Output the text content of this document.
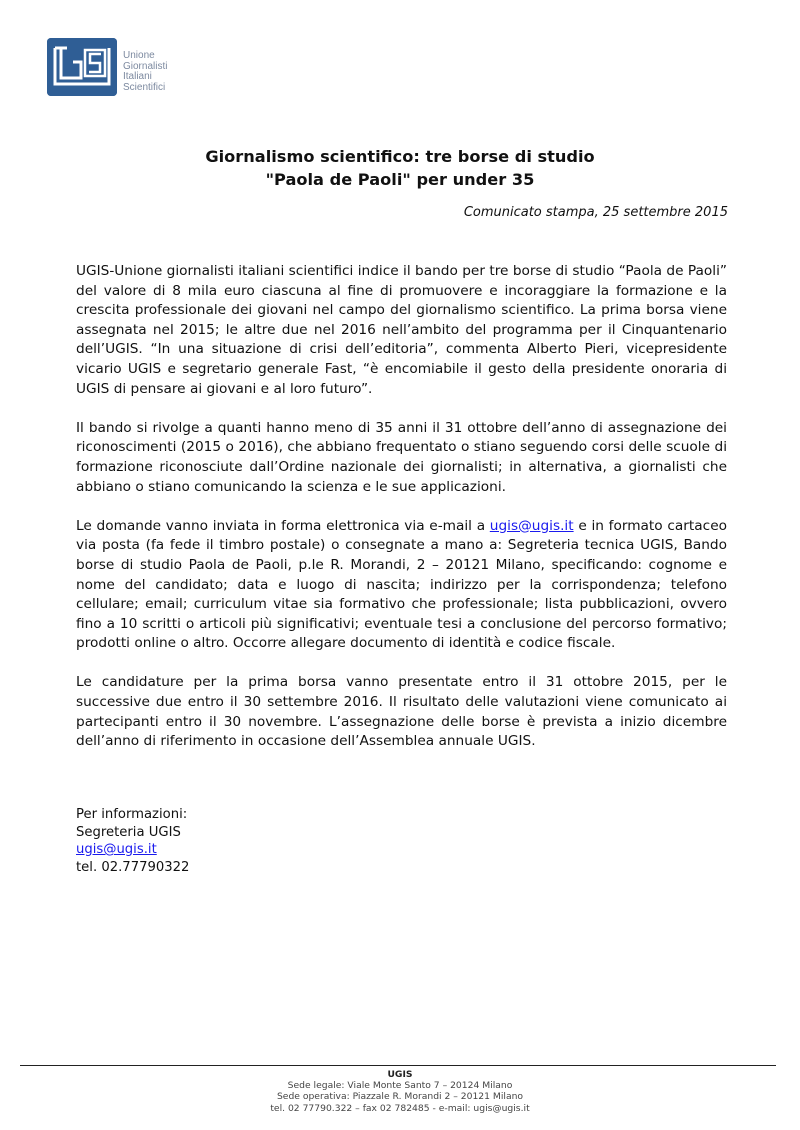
Unione
Giornalisti
Italiani
Scientifici
Giornalismo scientifico: tre borse di studio
"Paola de Paoli" per under 35
Comunicato stampa, 25 settembre 2015

UGIS-Unione giornalisti italiani scientifici indice il bando per tre borse di studio “Paola de Paoli” del valore di 8 mila euro ciascuna al fine di promuovere e incoraggiare la formazione e la crescita professionale dei giovani nel campo del giornalismo scientifico. La prima borsa viene assegnata nel 2015; le altre due nel 2016 nell’ambito del programma per il Cinquantenario dell’UGIS. “In una situazione di crisi dell’editoria”, commenta Alberto Pieri, vicepresidente vicario UGIS e segretario generale Fast, “è encomiabile il gesto della presidente onoraria di UGIS di pensare ai giovani e al loro futuro”.

Il bando si rivolge a quanti hanno meno di 35 anni il 31 ottobre dell’anno di assegnazione dei riconoscimenti (2015 o 2016), che abbiano frequentato o stiano seguendo corsi delle scuole di formazione riconosciute dall’Ordine nazionale dei giornalisti; in alternativa, a giornalisti che abbiano o stiano comunicando la scienza e le sue applicazioni.

Le domande vanno inviata in forma elettronica via e-mail a ugis@ugis.it e in formato cartaceo via posta (fa fede il timbro postale) o consegnate a mano a: Segreteria tecnica UGIS, Bando borse di studio Paola de Paoli, p.le R. Morandi, 2 – 20121 Milano, specificando: cognome e nome del candidato; data e luogo di nascita; indirizzo per la corrispondenza; telefono cellulare; email; curriculum vitae sia formativo che professionale; lista pubblicazioni, ovvero fino a 10 scritti o articoli più significativi; eventuale tesi a conclusione del percorso formativo; prodotti online o altro. Occorre allegare documento di identità e codice fiscale.

Le candidature per la prima borsa vanno presentate entro il 31 ottobre 2015, per le successive due entro il 30 settembre 2016. Il risultato delle valutazioni viene comunicato ai partecipanti entro il 30 novembre. L’assegnazione delle borse è prevista a inizio dicembre dell’anno di riferimento in occasione dell’Assemblea annuale UGIS.

Per informazioni:
Segreteria UGIS
ugis@ugis.it
tel. 02.77790322
UGIS
Sede legale: Viale Monte Santo 7 – 20124 Milano
Sede operativa: Piazzale R. Morandi 2 – 20121 Milano
tel. 02 77790.322 – fax 02 782485 - e-mail: ugis@ugis.it
